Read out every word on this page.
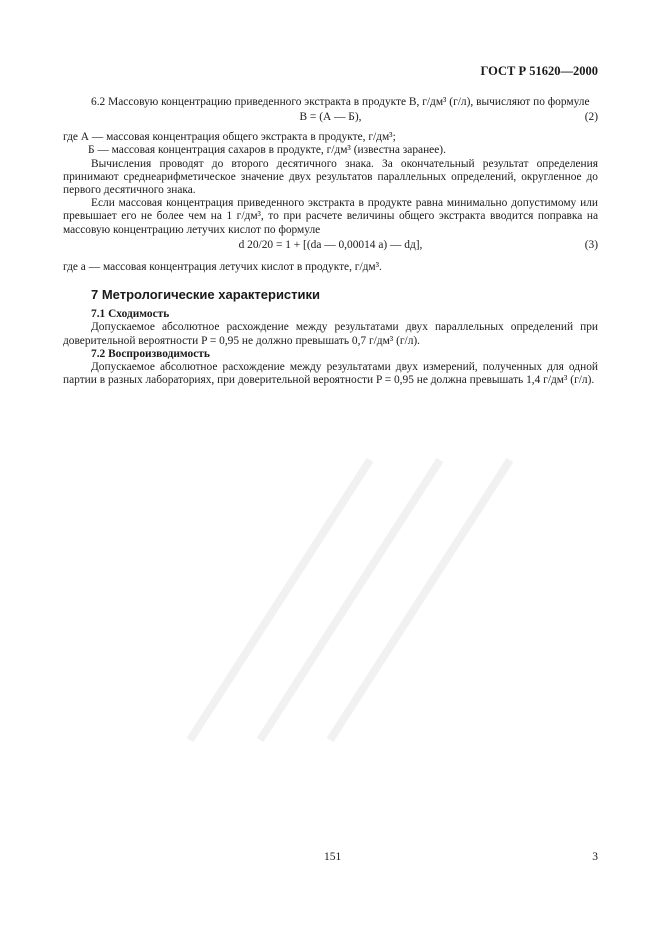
ГОСТ Р 51620—2000

6.2 Массовую концентрацию приведенного экстракта в продукте В, г/дм³ (г/л), вычисляют по формуле

В = (А — Б),	(2)

где А — массовая концентрация общего экстракта в продукте, г/дм³;

Б — массовая концентрация сахаров в продукте, г/дм³ (известна заранее).

Вычисления проводят до второго десятичного знака. За окончательный результат определения принимают среднеарифметическое значение двух результатов параллельных определений, округленное до первого десятичного знака.

Если массовая концентрация приведенного экстракта в продукте равна минимально допустимому или превышает его не более чем на 1 г/дм³, то при расчете величины общего экстракта вводится поправка на массовую концентрацию летучих кислот по формуле

d 20/20 = 1 + [(dа — 0,00014 a) — dд],	(3)

где a — массовая концентрация летучих кислот в продукте, г/дм³.

7 Метрологические характеристики

7.1 Сходимость

Допускаемое абсолютное расхождение между результатами двух параллельных определений при доверительной вероятности P = 0,95 не должно превышать 0,7 г/дм³ (г/л).

7.2 Воспроизводимость

Допускаемое абсолютное расхождение между результатами двух измерений, полученных для одной партии в разных лабораториях, при доверительной вероятности P = 0,95 не должна превышать 1,4 г/дм³ (г/л).

151	3
